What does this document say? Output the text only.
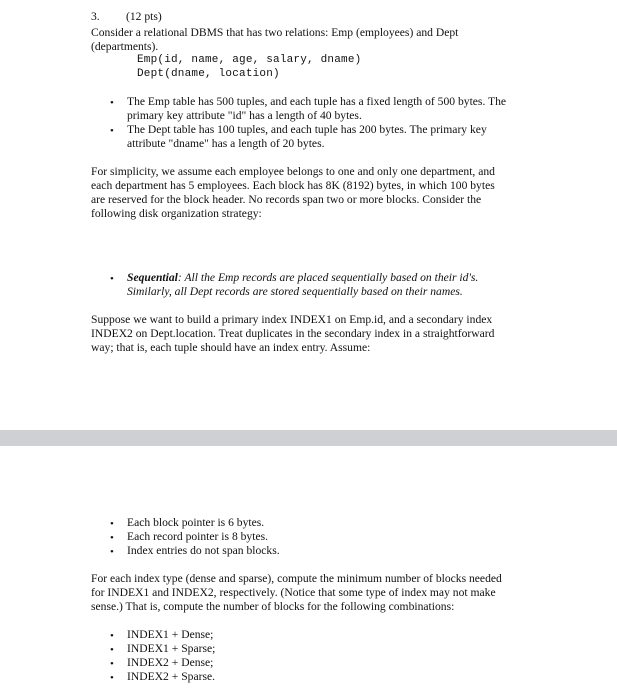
3. (12 pts)
Consider a relational DBMS that has two relations: Emp (employees) and Dept
(departments).
Emp(id, name, age, salary, dname)
Dept(dname, location)
• The Emp table has 500 tuples, and each tuple has a fixed length of 500 bytes. The
primary key attribute "id" has a length of 40 bytes.
• The Dept table has 100 tuples, and each tuple has 200 bytes. The primary key
attribute "dname" has a length of 20 bytes.
For simplicity, we assume each employee belongs to one and only one department, and
each department has 5 employees. Each block has 8K (8192) bytes, in which 100 bytes
are reserved for the block header. No records span two or more blocks. Consider the
following disk organization strategy:
• Sequential: All the Emp records are placed sequentially based on their id's.
Similarly, all Dept records are stored sequentially based on their names.
Suppose we want to build a primary index INDEX1 on Emp.id, and a secondary index
INDEX2 on Dept.location. Treat duplicates in the secondary index in a straightforward
way; that is, each tuple should have an index entry. Assume:
• Each block pointer is 6 bytes.
• Each record pointer is 8 bytes.
• Index entries do not span blocks.
For each index type (dense and sparse), compute the minimum number of blocks needed
for INDEX1 and INDEX2, respectively. (Notice that some type of index may not make
sense.) That is, compute the number of blocks for the following combinations:
• INDEX1 + Dense;
• INDEX1 + Sparse;
• INDEX2 + Dense;
• INDEX2 + Sparse.
